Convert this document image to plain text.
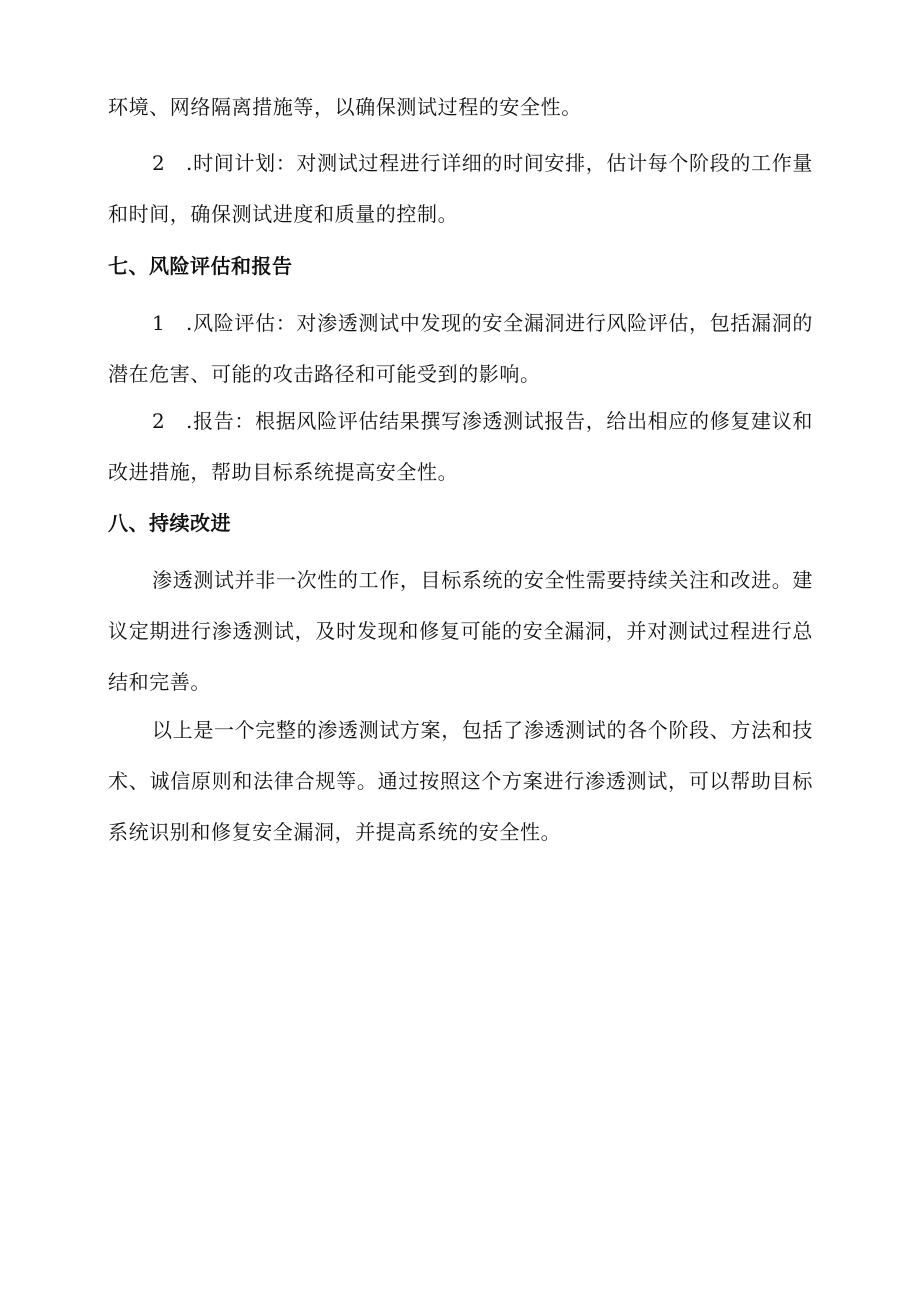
环境、网络隔离措施等，以确保测试过程的安全性。

2　.时间计划：对测试过程进行详细的时间安排，估计每个阶段的工作量和时间，确保测试进度和质量的控制。

七、风险评估和报告

1　.风险评估：对渗透测试中发现的安全漏洞进行风险评估，包括漏洞的潜在危害、可能的攻击路径和可能受到的影响。

2　.报告：根据风险评估结果撰写渗透测试报告，给出相应的修复建议和改进措施，帮助目标系统提高安全性。

八、持续改进

渗透测试并非一次性的工作，目标系统的安全性需要持续关注和改进。建议定期进行渗透测试，及时发现和修复可能的安全漏洞，并对测试过程进行总结和完善。

以上是一个完整的渗透测试方案，包括了渗透测试的各个阶段、方法和技术、诚信原则和法律合规等。通过按照这个方案进行渗透测试，可以帮助目标系统识别和修复安全漏洞，并提高系统的安全性。
